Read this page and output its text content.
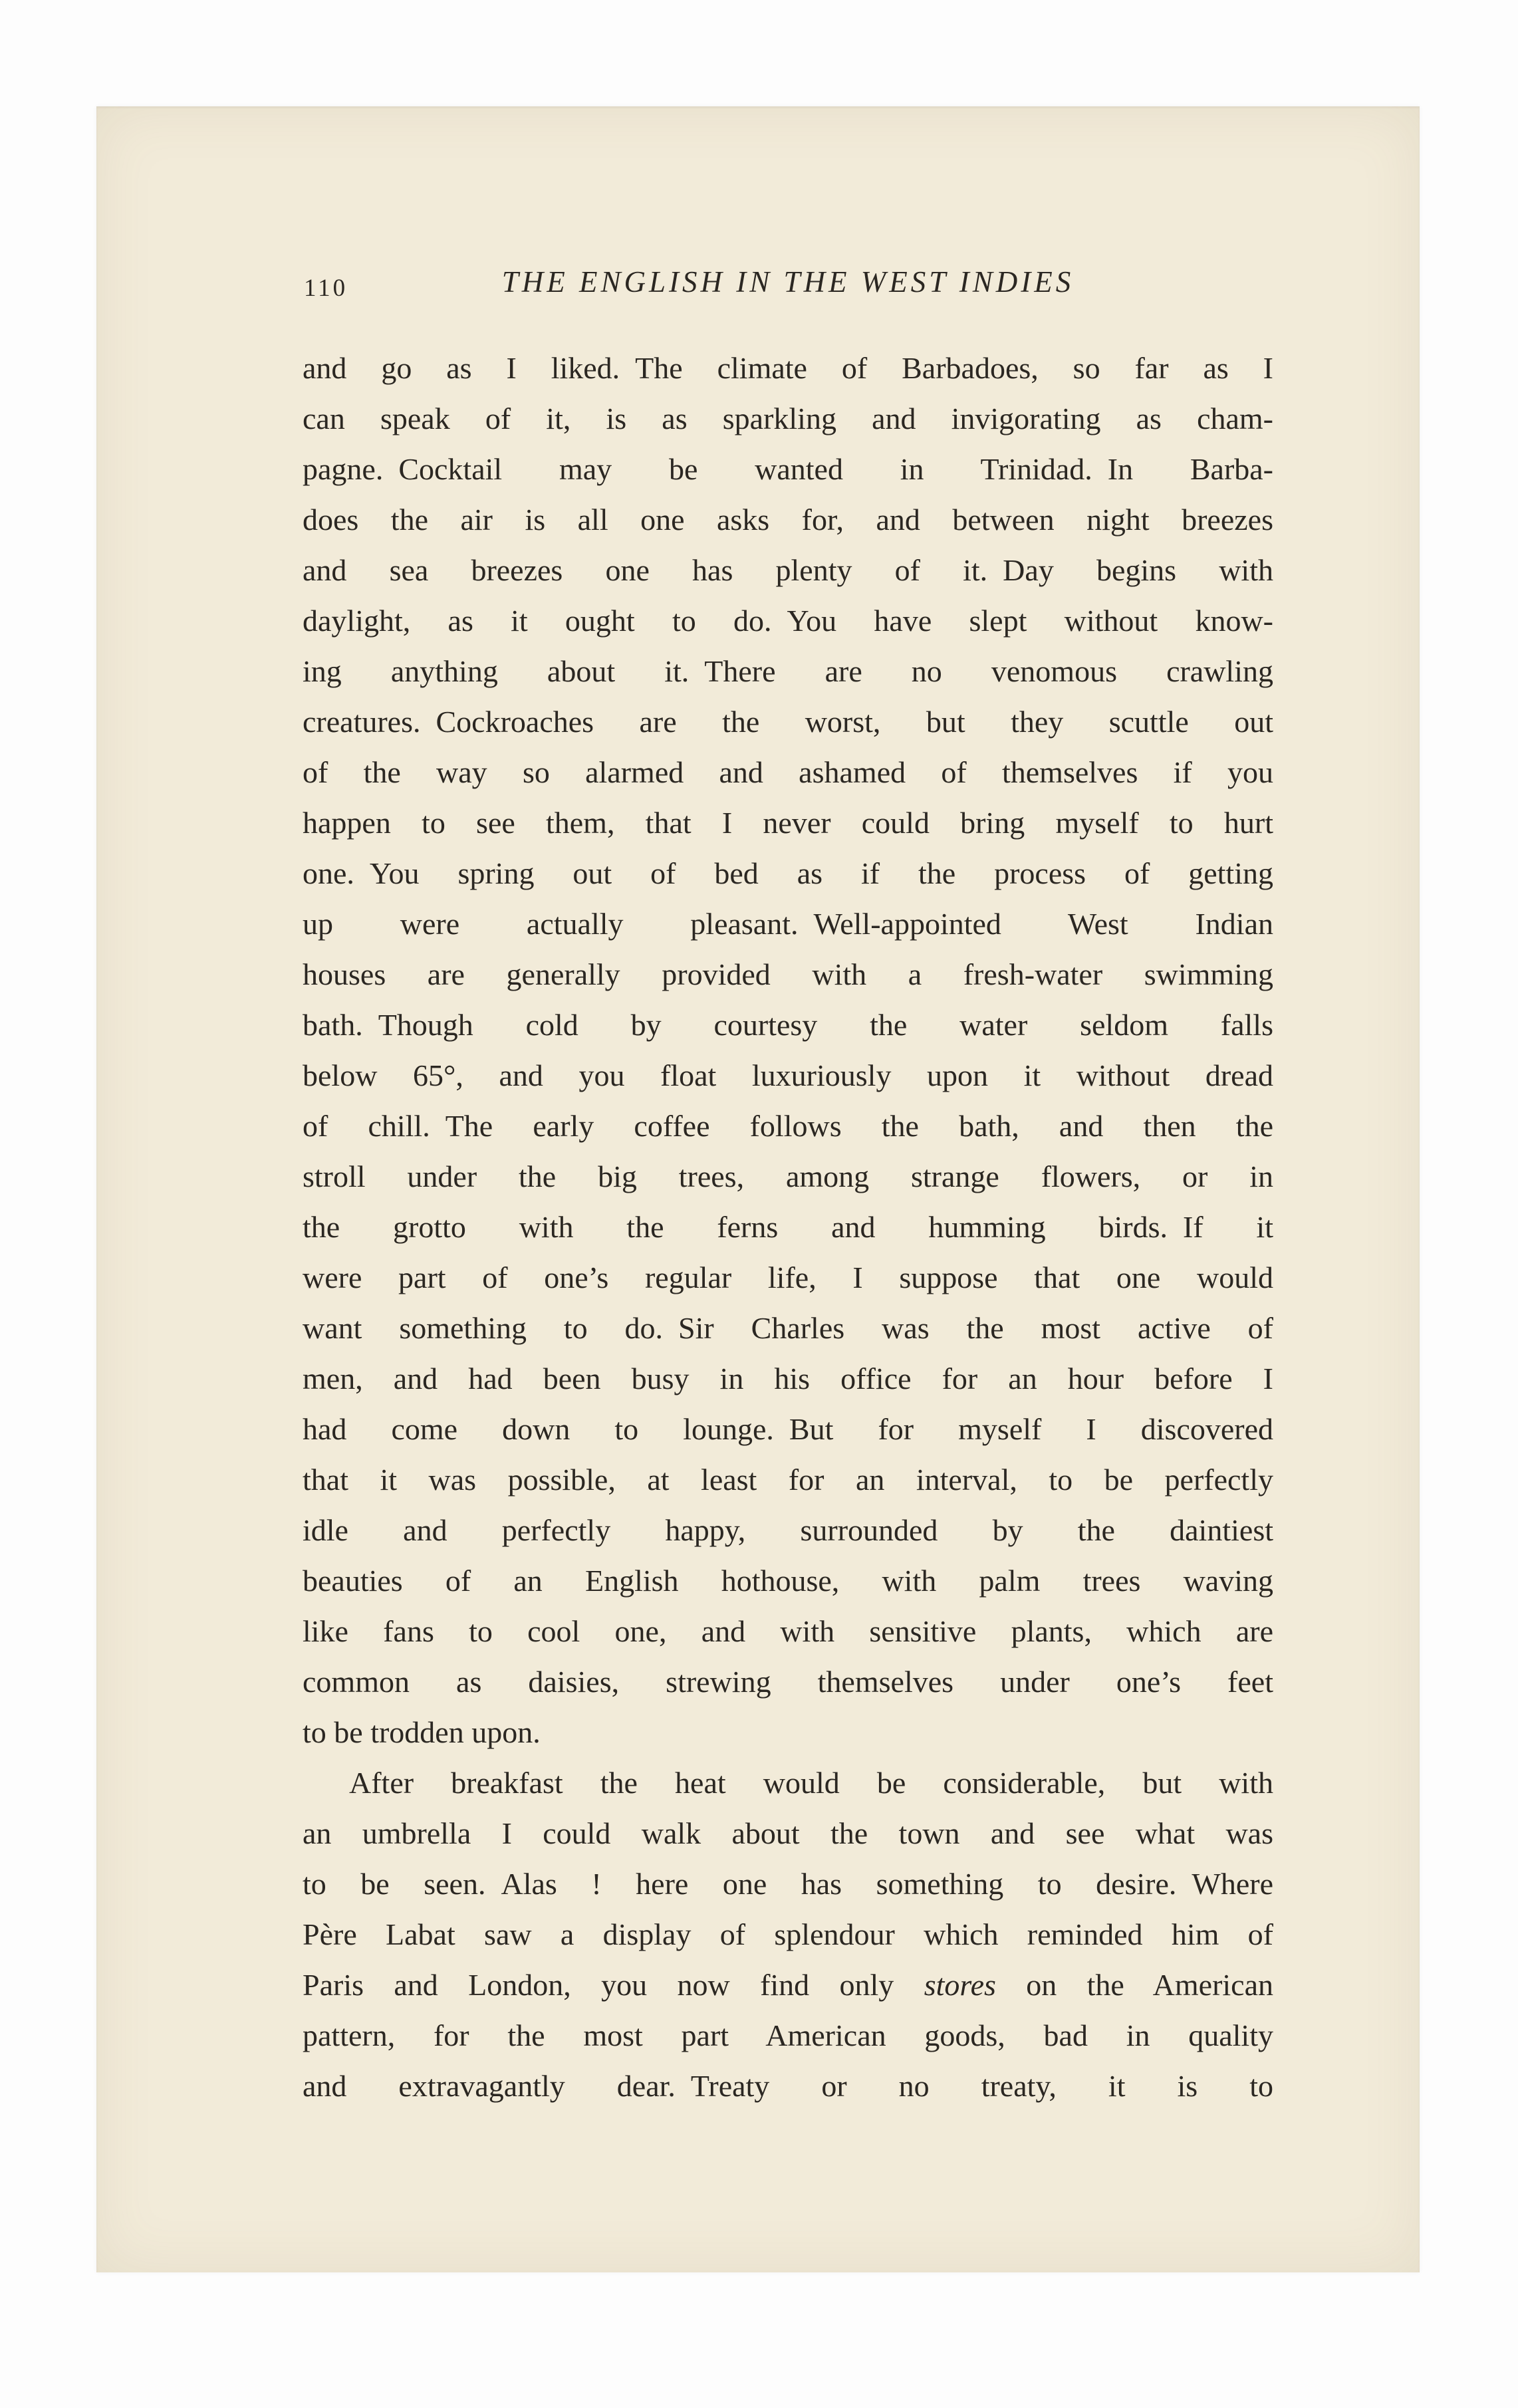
110	THE ENGLISH IN THE WEST INDIES
and go as I liked. The climate of Barbadoes, so far as I
can speak of it, is as sparkling and invigorating as cham-
pagne. Cocktail may be wanted in Trinidad. In Barba-
does the air is all one asks for, and between night breezes
and sea breezes one has plenty of it. Day begins with
daylight, as it ought to do. You have slept without know-
ing anything about it. There are no venomous crawling
creatures. Cockroaches are the worst, but they scuttle out
of the way so alarmed and ashamed of themselves if you
happen to see them, that I never could bring myself to hurt
one. You spring out of bed as if the process of getting
up were actually pleasant. Well-appointed West Indian
houses are generally provided with a fresh-water swimming
bath. Though cold by courtesy the water seldom falls
below 65°, and you float luxuriously upon it without dread
of chill. The early coffee follows the bath, and then the
stroll under the big trees, among strange flowers, or in
the grotto with the ferns and humming birds. If it
were part of one’s regular life, I suppose that one would
want something to do. Sir Charles was the most active of
men, and had been busy in his office for an hour before I
had come down to lounge. But for myself I discovered
that it was possible, at least for an interval, to be perfectly
idle and perfectly happy, surrounded by the daintiest
beauties of an English hothouse, with palm trees waving
like fans to cool one, and with sensitive plants, which are
common as daisies, strewing themselves under one’s feet
to be trodden upon.
After breakfast the heat would be considerable, but with
an umbrella I could walk about the town and see what was
to be seen. Alas ! here one has something to desire. Where
Père Labat saw a display of splendour which reminded him of
Paris and London, you now find only stores on the American
pattern, for the most part American goods, bad in quality
and extravagantly dear. Treaty or no treaty, it is to
